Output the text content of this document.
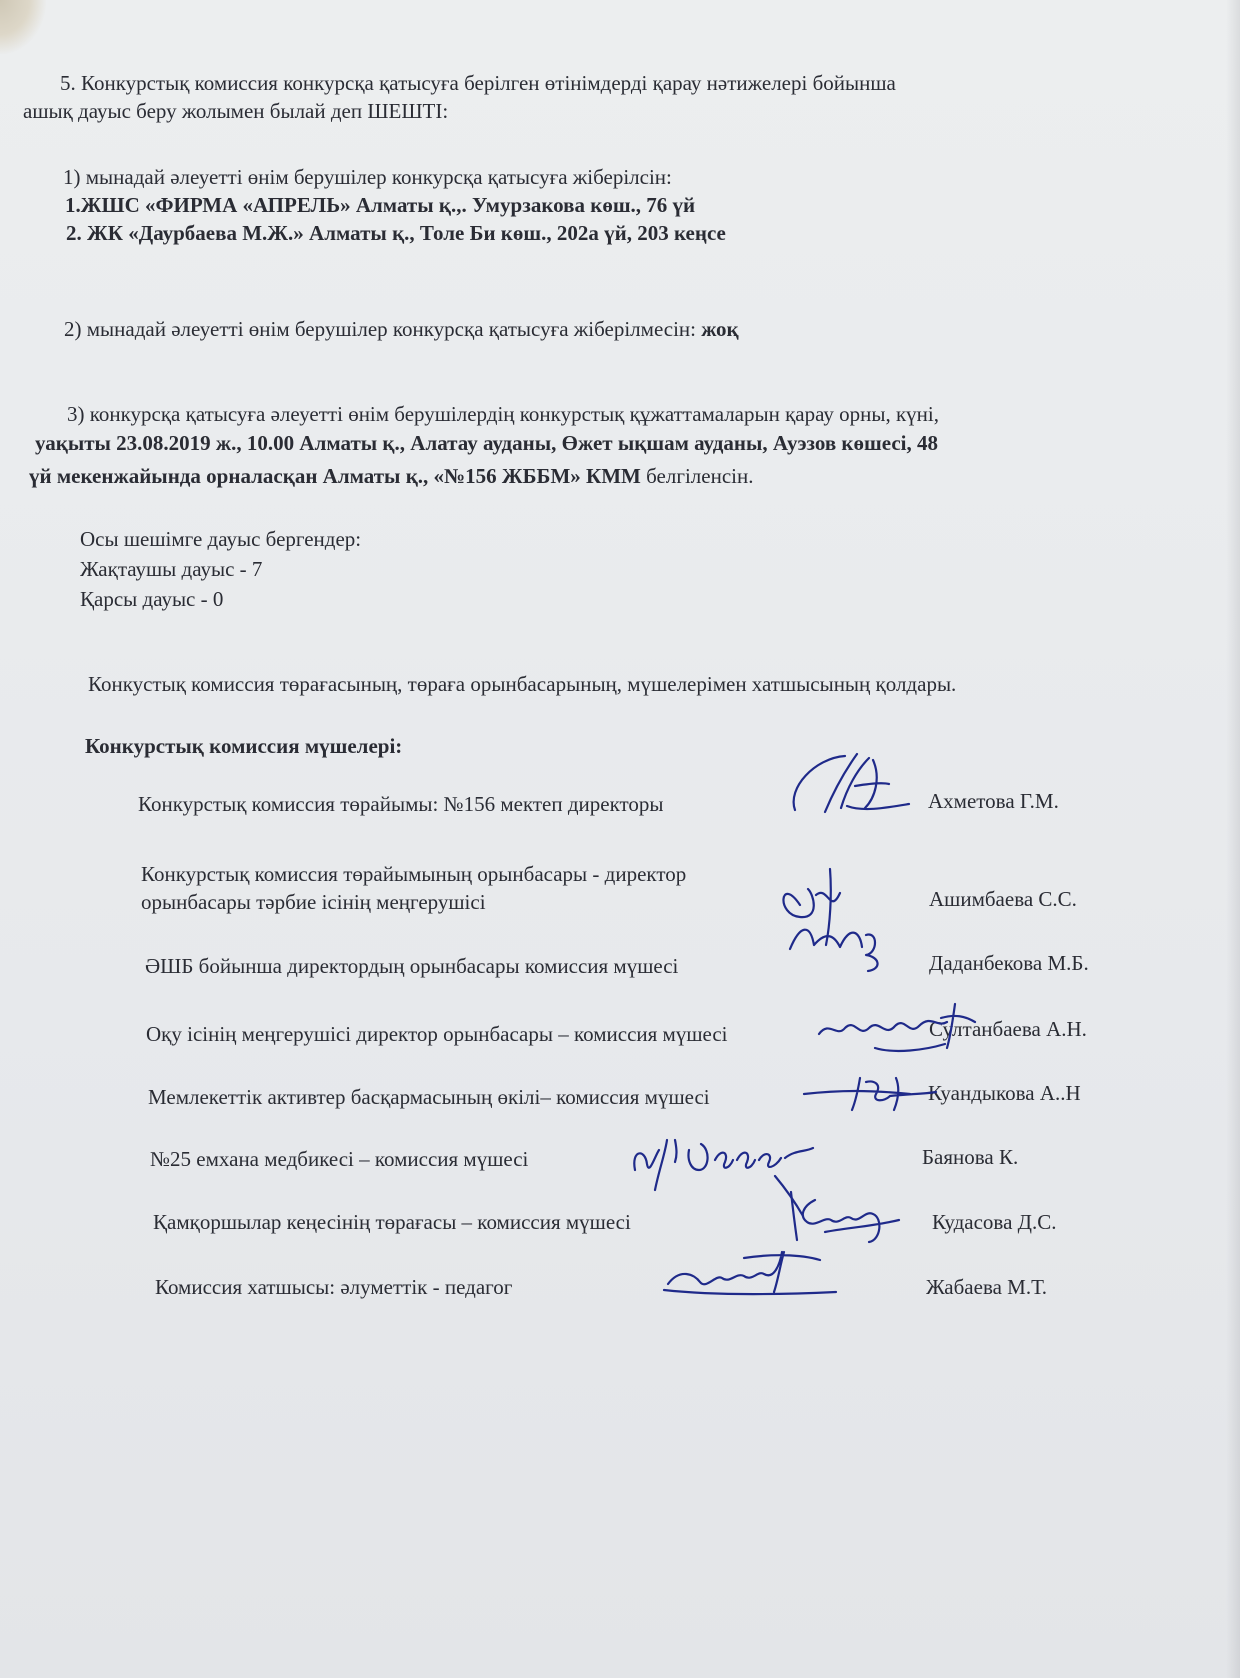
5. Конкурстық комиссия конкурсқа қатысуға берілген өтінімдерді қарау нәтижелері бойынша

ашық дауыс беру жолымен былай деп ШЕШТІ:

1) мынадай әлеуетті өнім берушілер конкурсқа қатысуға жіберілсін:

1.ЖШС «ФИРМА «АПРЕЛЬ» Алматы қ.,. Умурзакова көш., 76 үй

2. ЖК «Даурбаева М.Ж.» Алматы қ., Толе Би көш., 202а үй, 203 кеңсе

2) мынадай әлеуетті өнім берушілер конкурсқа қатысуға жіберілмесін: жоқ

3) конкурсқа қатысуға әлеуетті өнім берушілердің конкурстық құжаттамаларын қарау орны, күні,

уақыты 23.08.2019 ж., 10.00 Алматы қ., Алатау ауданы, Өжет ықшам ауданы, Ауэзов көшесі, 48

үй мекенжайында орналасқан Алматы қ., «№156 ЖББМ» КММ белгіленсін.

Осы шешімге дауыс бергендер:

Жақтаушы дауыс - 7

Қарсы дауыс - 0

Конкустық комиссия төрағасының, төраға орынбасарының, мүшелерімен хатшысының қолдары.

Конкурстық комиссия мүшелері:

Конкурстық комиссия төрайымы: №156 мектеп директоры	Ахметова Г.М.

Конкурстық комиссия төрайымының орынбасары - директор

орынбасары тәрбие ісінің меңгерушісі	Ашимбаева С.С.

ӘШБ бойынша директордың орынбасары комиссия мүшесі	Даданбекова М.Б.

Оқу ісінің меңгерушісі директор орынбасары – комиссия мүшесі	Султанбаева А.Н.

Мемлекеттік активтер басқармасының өкілі– комиссия мүшесі	Куандыкова А..Н

№25 емхана медбикесі – комиссия мүшесі	Баянова К.

Қамқоршылар кеңесінің төрағасы – комиссия мүшесі	Кудасова Д.С.

Комиссия хатшысы: әлуметтік - педагог	Жабаева М.Т.
